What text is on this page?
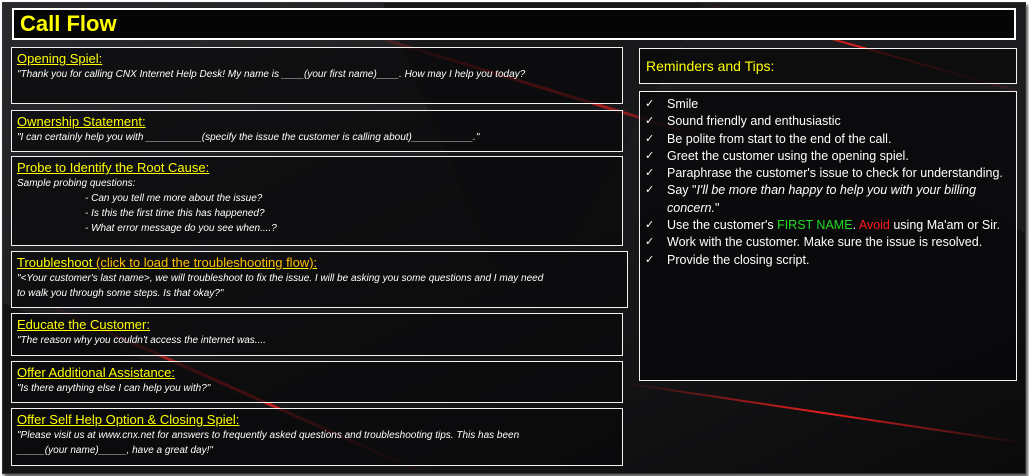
Call Flow
Opening Spiel:
"Thank you for calling CNX Internet Help Desk! My name is ____(your first name)____. How may I help you today?
Ownership Statement:
"I can certainly help you with __________(specify the issue the customer is calling about)___________."
Probe to Identify the Root Cause:
Sample probing questions:
- Can you tell me more about the issue?
- Is this the first time this has happened?
- What error message do you see when....?
Troubleshoot (click to load the troubleshooting flow):
"<Your customer's last name>, we will troubleshoot to fix the issue. I will be asking you some questions and I may need
to walk you through some steps. Is that okay?"
Educate the Customer:
"The reason why you couldn't access the internet was....
Offer Additional Assistance:
"Is there anything else I can help you with?"
Offer Self Help Option & Closing Spiel:
"Please visit us at www.cnx.net for answers to frequently asked questions and troubleshooting tips. This has been
_____(your name)_____, have a great day!"
Reminders and Tips:
✓ Smile
✓ Sound friendly and enthusiastic
✓ Be polite from start to the end of the call.
✓ Greet the customer using the opening spiel.
✓ Paraphrase the customer's issue to check for understanding.
✓ Say "I'll be more than happy to help you with your billing concern."
✓ Use the customer's FIRST NAME. Avoid using Ma'am or Sir.
✓ Work with the customer. Make sure the issue is resolved.
✓ Provide the closing script.
